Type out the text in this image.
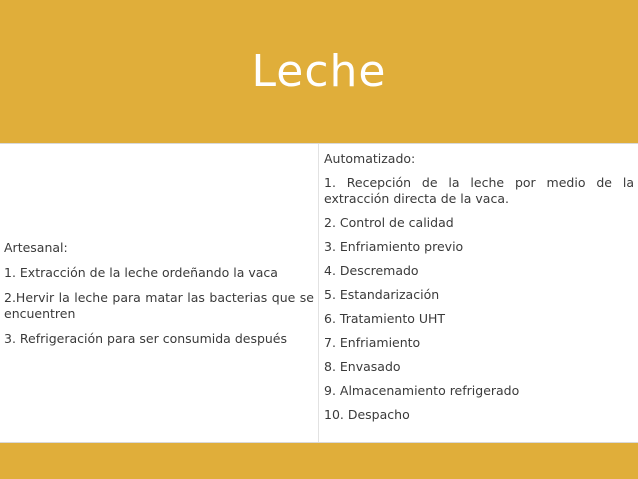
Leche

Artesanal:

1. Extracción de la leche ordeñando la vaca

2.Hervir la leche para matar las bacterias que se encuentren

3. Refrigeración para ser consumida después

Automatizado:

1. Recepción de la leche por medio de la extracción directa de la vaca.

2. Control de calidad

3. Enfriamiento previo

4. Descremado

5. Estandarización

6. Tratamiento UHT

7. Enfriamiento

8. Envasado

9. Almacenamiento refrigerado

10. Despacho
